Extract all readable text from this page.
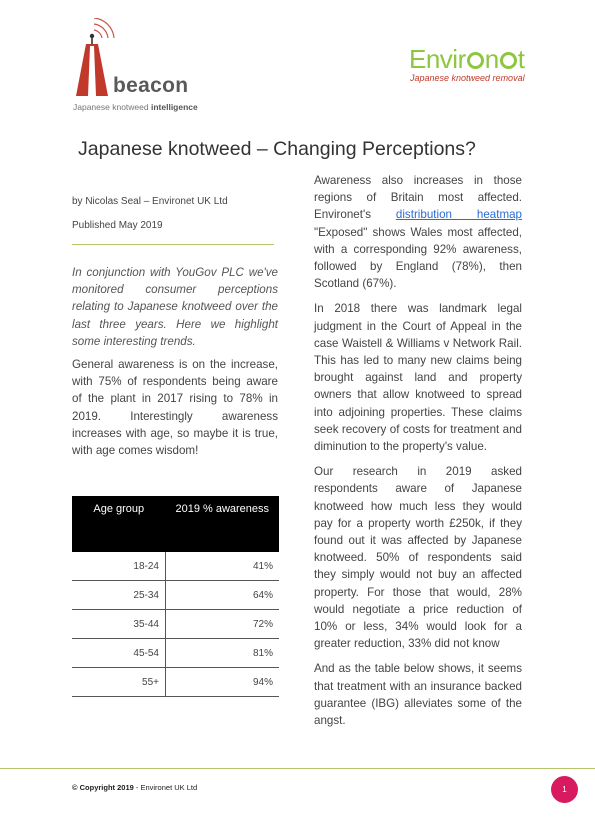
beacon
Japanese knotweed intelligence
Envir n t
Japanese knotweed removal
Japanese knotweed – Changing Perceptions?
by Nicolas Seal – Environet UK Ltd
Published May 2019

In conjunction with YouGov PLC we've monitored consumer perceptions relating to Japanese knotweed over the last three years. Here we highlight some interesting trends.

General awareness is on the increase, with 75% of respondents being aware of the plant in 2017 rising to 78% in 2019. Interestingly awareness increases with age, so maybe it is true, with age comes wisdom!

Age group	2019 % awareness
18-24	41%
25-34	64%
35-44	72%
45-54	81%
55+	94%

Awareness also increases in those regions of Britain most affected. Environet's distribution heatmap "Exposed" shows Wales most affected, with a corresponding 92% awareness, followed by England (78%), then Scotland (67%).

In 2018 there was landmark legal judgment in the Court of Appeal in the case Waistell & Williams v Network Rail. This has led to many new claims being brought against land and property owners that allow knotweed to spread into adjoining properties. These claims seek recovery of costs for treatment and diminution to the property's value.

Our research in 2019 asked respondents aware of Japanese knotweed how much less they would pay for a property worth £250k, if they found out it was affected by Japanese knotweed. 50% of respondents said they simply would not buy an affected property. For those that would, 28% would negotiate a price reduction of 10% or less, 34% would look for a greater reduction, 33% did not know

And as the table below shows, it seems that treatment with an insurance backed guarantee (IBG) alleviates some of the angst.

© Copyright 2019 - Environet UK Ltd	1
